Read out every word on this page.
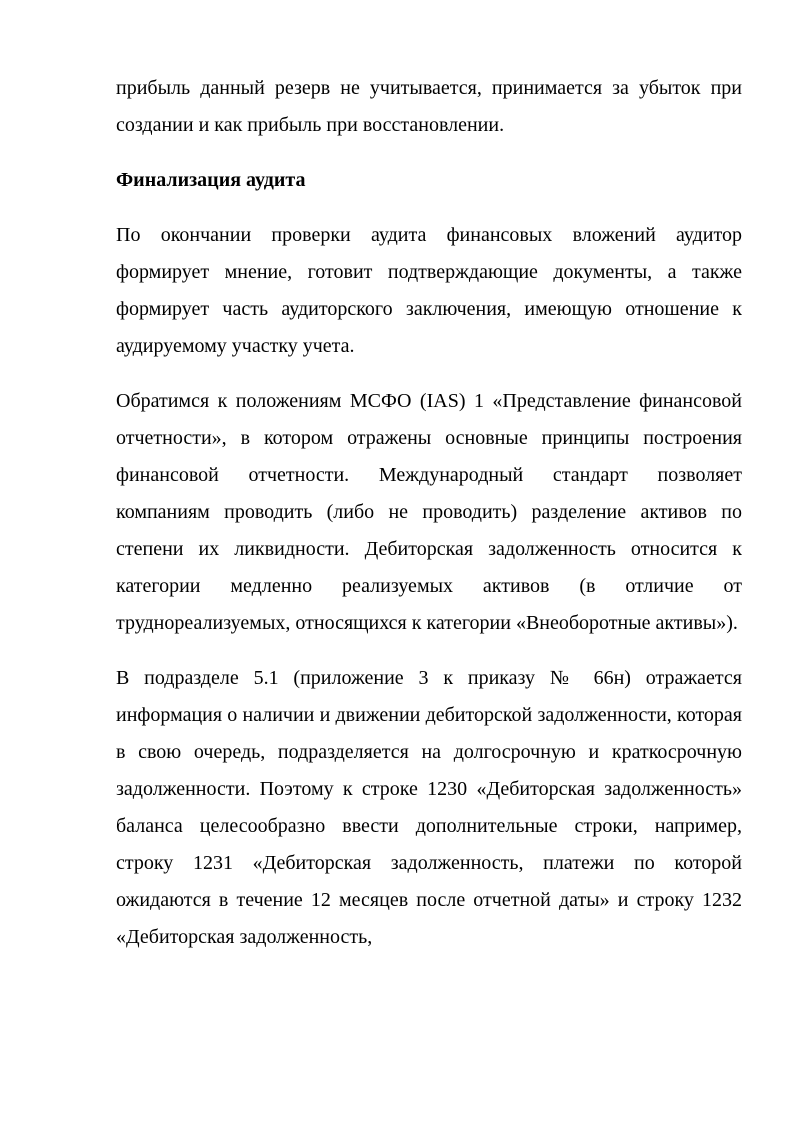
прибыль данный резерв не учитывается, принимается за убыток при создании и как прибыль при восстановлении.

Финализация аудита

По окончании проверки аудита финансовых вложений аудитор формирует мнение, готовит подтверждающие документы, а также формирует часть аудиторского заключения, имеющую отношение к аудируемому участку учета.

Обратимся к положениям МСФО (IAS) 1 «Представление финансовой отчетности», в котором отражены основные принципы построения финансовой отчетности. Международный стандарт позволяет компаниям проводить (либо не проводить) разделение активов по степени их ликвидности. Дебиторская задолженность относится к категории медленно реализуемых активов (в отличие от труднореализуемых, относящихся к категории «Внеоборотные активы»).

В подразделе 5.1 (приложение 3 к приказу № 66н) отражается информация о наличии и движении дебиторской задолженности, которая в свою очередь, подразделяется на долгосрочную и краткосрочную задолженности. Поэтому к строке 1230 «Дебиторская задолженность» баланса целесообразно ввести дополнительные строки, например, строку 1231 «Дебиторская задолженность, платежи по которой ожидаются в течение 12 месяцев после отчетной даты» и строку 1232 «Дебиторская задолженность,
